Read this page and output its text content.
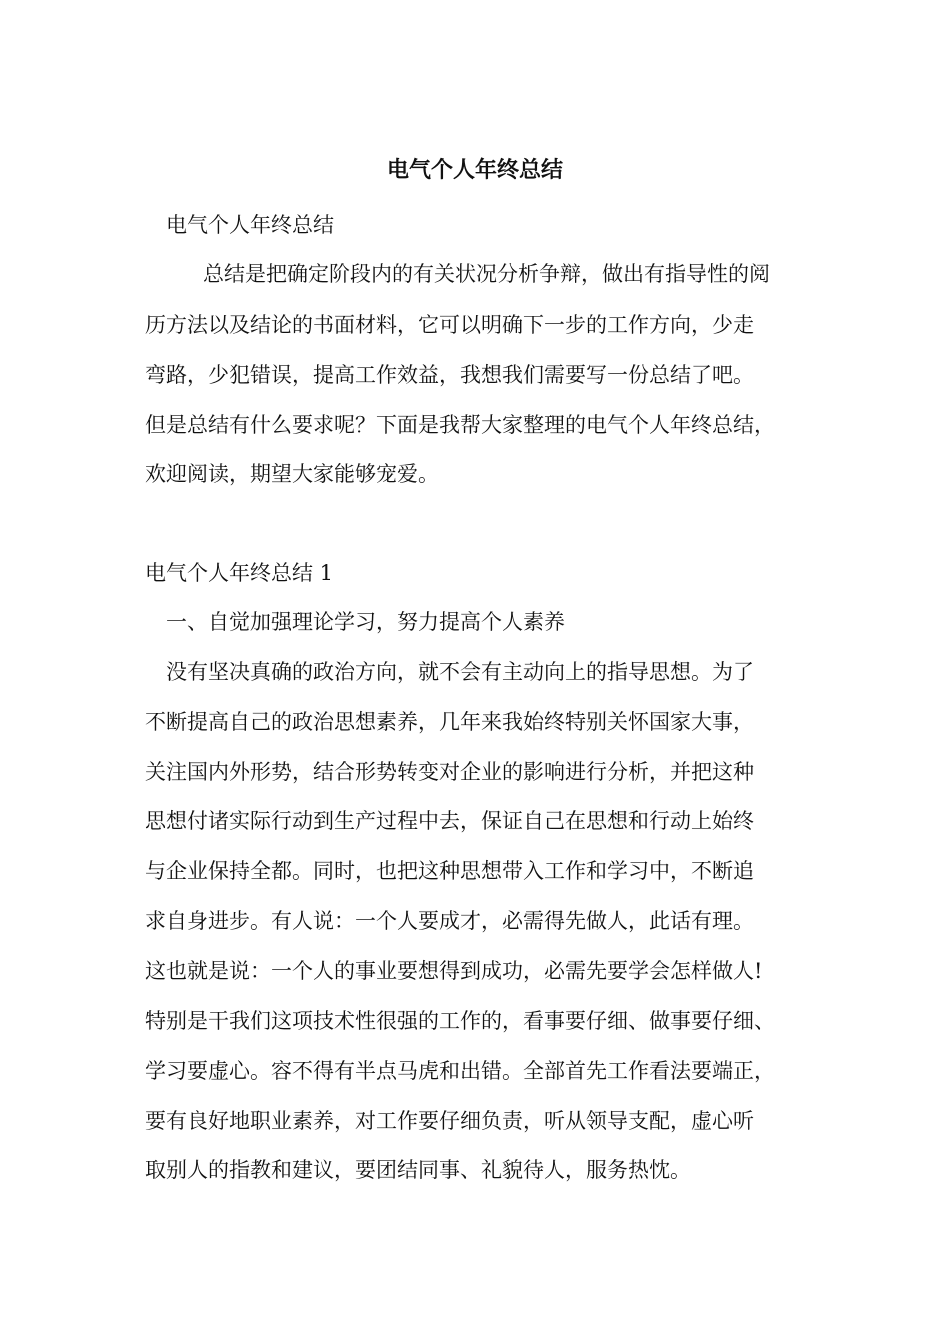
电气个人年终总结

电气个人年终总结

总结是把确定阶段内的有关状况分析争辩，做出有指导性的阅

历方法以及结论的书面材料，它可以明确下一步的工作方向，少走

弯路，少犯错误，提高工作效益，我想我们需要写一份总结了吧。

但是总结有什么要求呢？下面是我帮大家整理的电气个人年终总结，

欢迎阅读，期望大家能够宠爱。

电气个人年终总结 1

一、自觉加强理论学习，努力提高个人素养

没有坚决真确的政治方向，就不会有主动向上的指导思想。为了

不断提高自己的政治思想素养，几年来我始终特别关怀国家大事，

关注国内外形势，结合形势转变对企业的影响进行分析，并把这种

思想付诸实际行动到生产过程中去，保证自己在思想和行动上始终

与企业保持全都。同时，也把这种思想带入工作和学习中，不断追

求自身进步。有人说：一个人要成才，必需得先做人，此话有理。

这也就是说：一个人的事业要想得到成功，必需先要学会怎样做人!

特别是干我们这项技术性很强的工作的，看事要仔细、做事要仔细、

学习要虚心。容不得有半点马虎和出错。全部首先工作看法要端正，

要有良好地职业素养，对工作要仔细负责，听从领导支配，虚心听

取别人的指教和建议，要团结同事、礼貌待人，服务热忱。
